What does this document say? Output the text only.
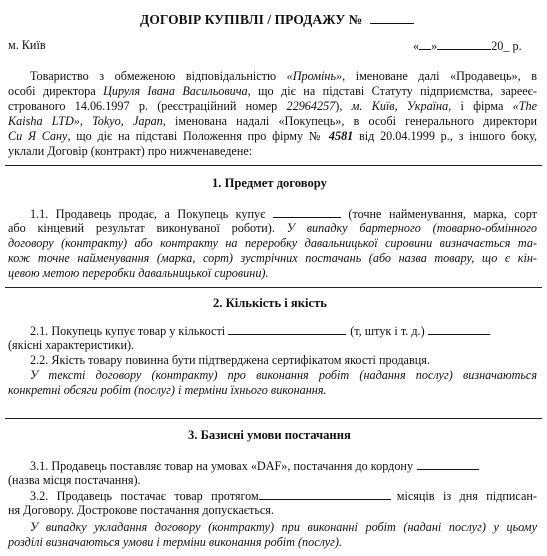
ДОГОВІР КУПІВЛІ / ПРОДАЖУ №
м. Київ	« »	20_ р.
Товариство з обмеженою відповідальністю «Промінь», іменоване далі «Продавець», в
особі директора Цируля Івана Васильовича, що діє на підставі Статуту підприємства, зарееє-
строваного 14.06.1997 р. (реєстраційний номер 22964257), м. Київ, Україна, і фірма «The
Kaisha LTD», Tokyo, Japan, іменована надалі «Покупець», в особі генерального директори
Си Я Сану, що діє на підставі Положення про фірму № 4581 від 20.04.1999 р., з іншого боку,
уклали Договір (контракт) про нижченаведене:
1. Предмет договору
1.1. Продавець продає, а Покупець купує	(точне найменування, марка, сорт
або кінцевий результат виконуваної роботи). У випадку бартерного (товарно-обмінного
договору (контракту) або контракту на переробку давальницької сировини визначається та-
кож точне найменування (марка, сорт) зустрічних постачань (або назва товару, що є кін-
цевою метою переробки давальницької сировини).
2. Кількість і якість
2.1. Покупець купує товар у кількості	(т, штук і т. д.)
(якісні характеристики).
2.2. Якість товару повинна бути підтверджена сертифікатом якості продавця.
У тексті договору (контракту) про виконання робіт (надання послуг) визначаються
конкретні обсяги робіт (послуг) і терміни їхнього виконання.
3. Базисні умови постачання
3.1. Продавець поставляє товар на умовах «DAF», постачання до кордону
(назва місця постачання).
3.2. Продавець постачає товар протягом	місяців із дня підписан-
ня Договору. Дострокове постачання допускається.
У випадку укладання договору (контракту) при виконанні робіт (надані послуг) у цьому
розділі визначаються умови і терміни виконання робіт (послуг).
